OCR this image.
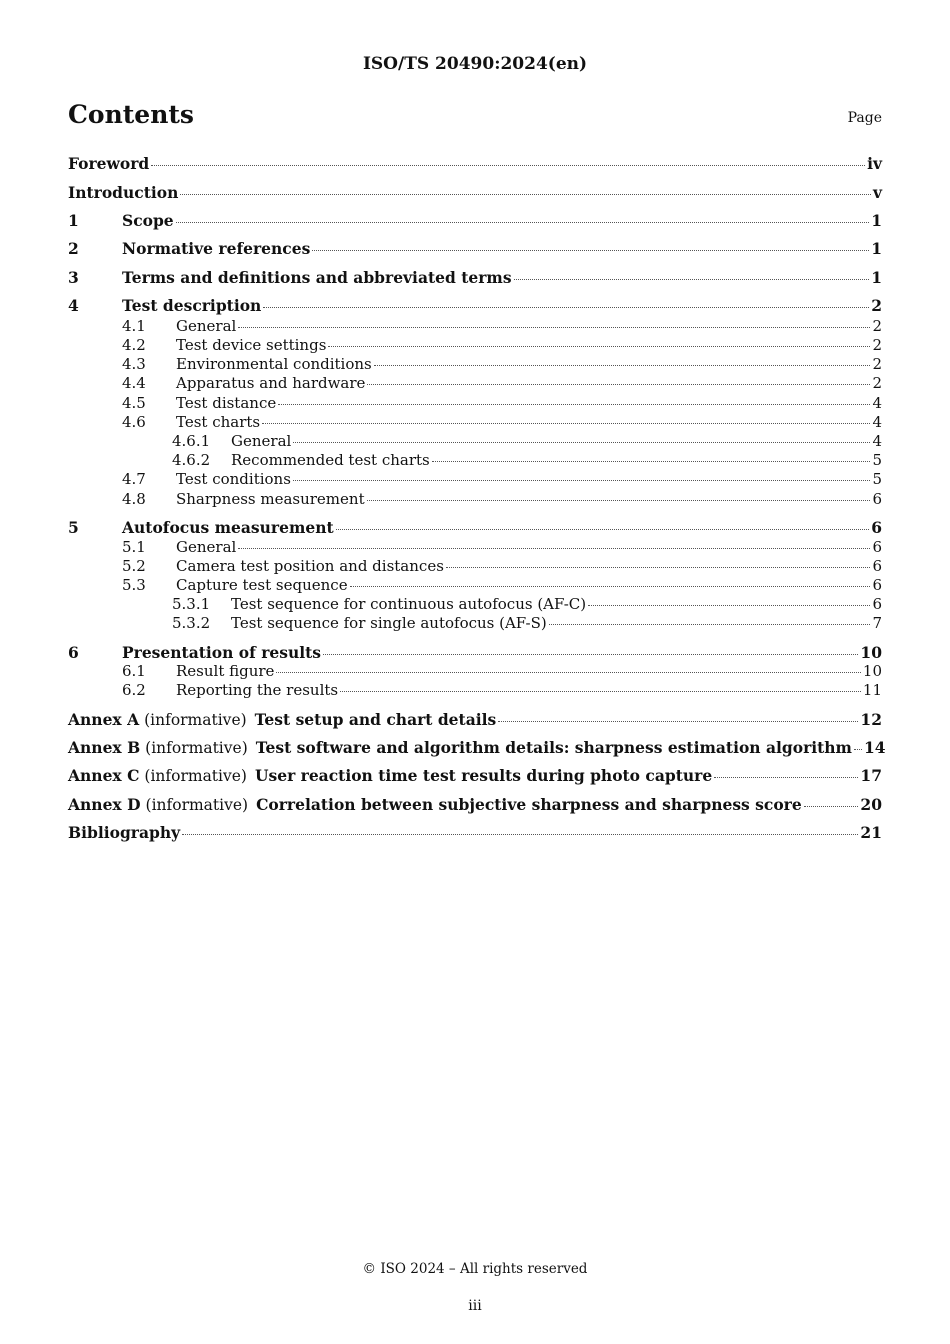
ISO/TS 20490:2024(en)
Contents	Page
Foreword	iv
Introduction	v
1	Scope	1
2	Normative references	1
3	Terms and definitions and abbreviated terms	1
4	Test description	2
4.1	General	2
4.2	Test device settings	2
4.3	Environmental conditions	2
4.4	Apparatus and hardware	2
4.5	Test distance	4
4.6	Test charts	4
4.6.1	General	4
4.6.2	Recommended test charts	5
4.7	Test conditions	5
4.8	Sharpness measurement	6
5	Autofocus measurement	6
5.1	General	6
5.2	Camera test position and distances	6
5.3	Capture test sequence	6
5.3.1	Test sequence for continuous autofocus (AF-C)	6
5.3.2	Test sequence for single autofocus (AF-S)	7
6	Presentation of results	10
6.1	Result figure	10
6.2	Reporting the results	11
Annex A (informative) Test setup and chart details	12
Annex B (informative) Test software and algorithm details: sharpness estimation algorithm 14
Annex C (informative) User reaction time test results during photo capture	17
Annex D (informative) Correlation between subjective sharpness and sharpness score	20
Bibliography	21
© ISO 2024 – All rights reserved
iii
